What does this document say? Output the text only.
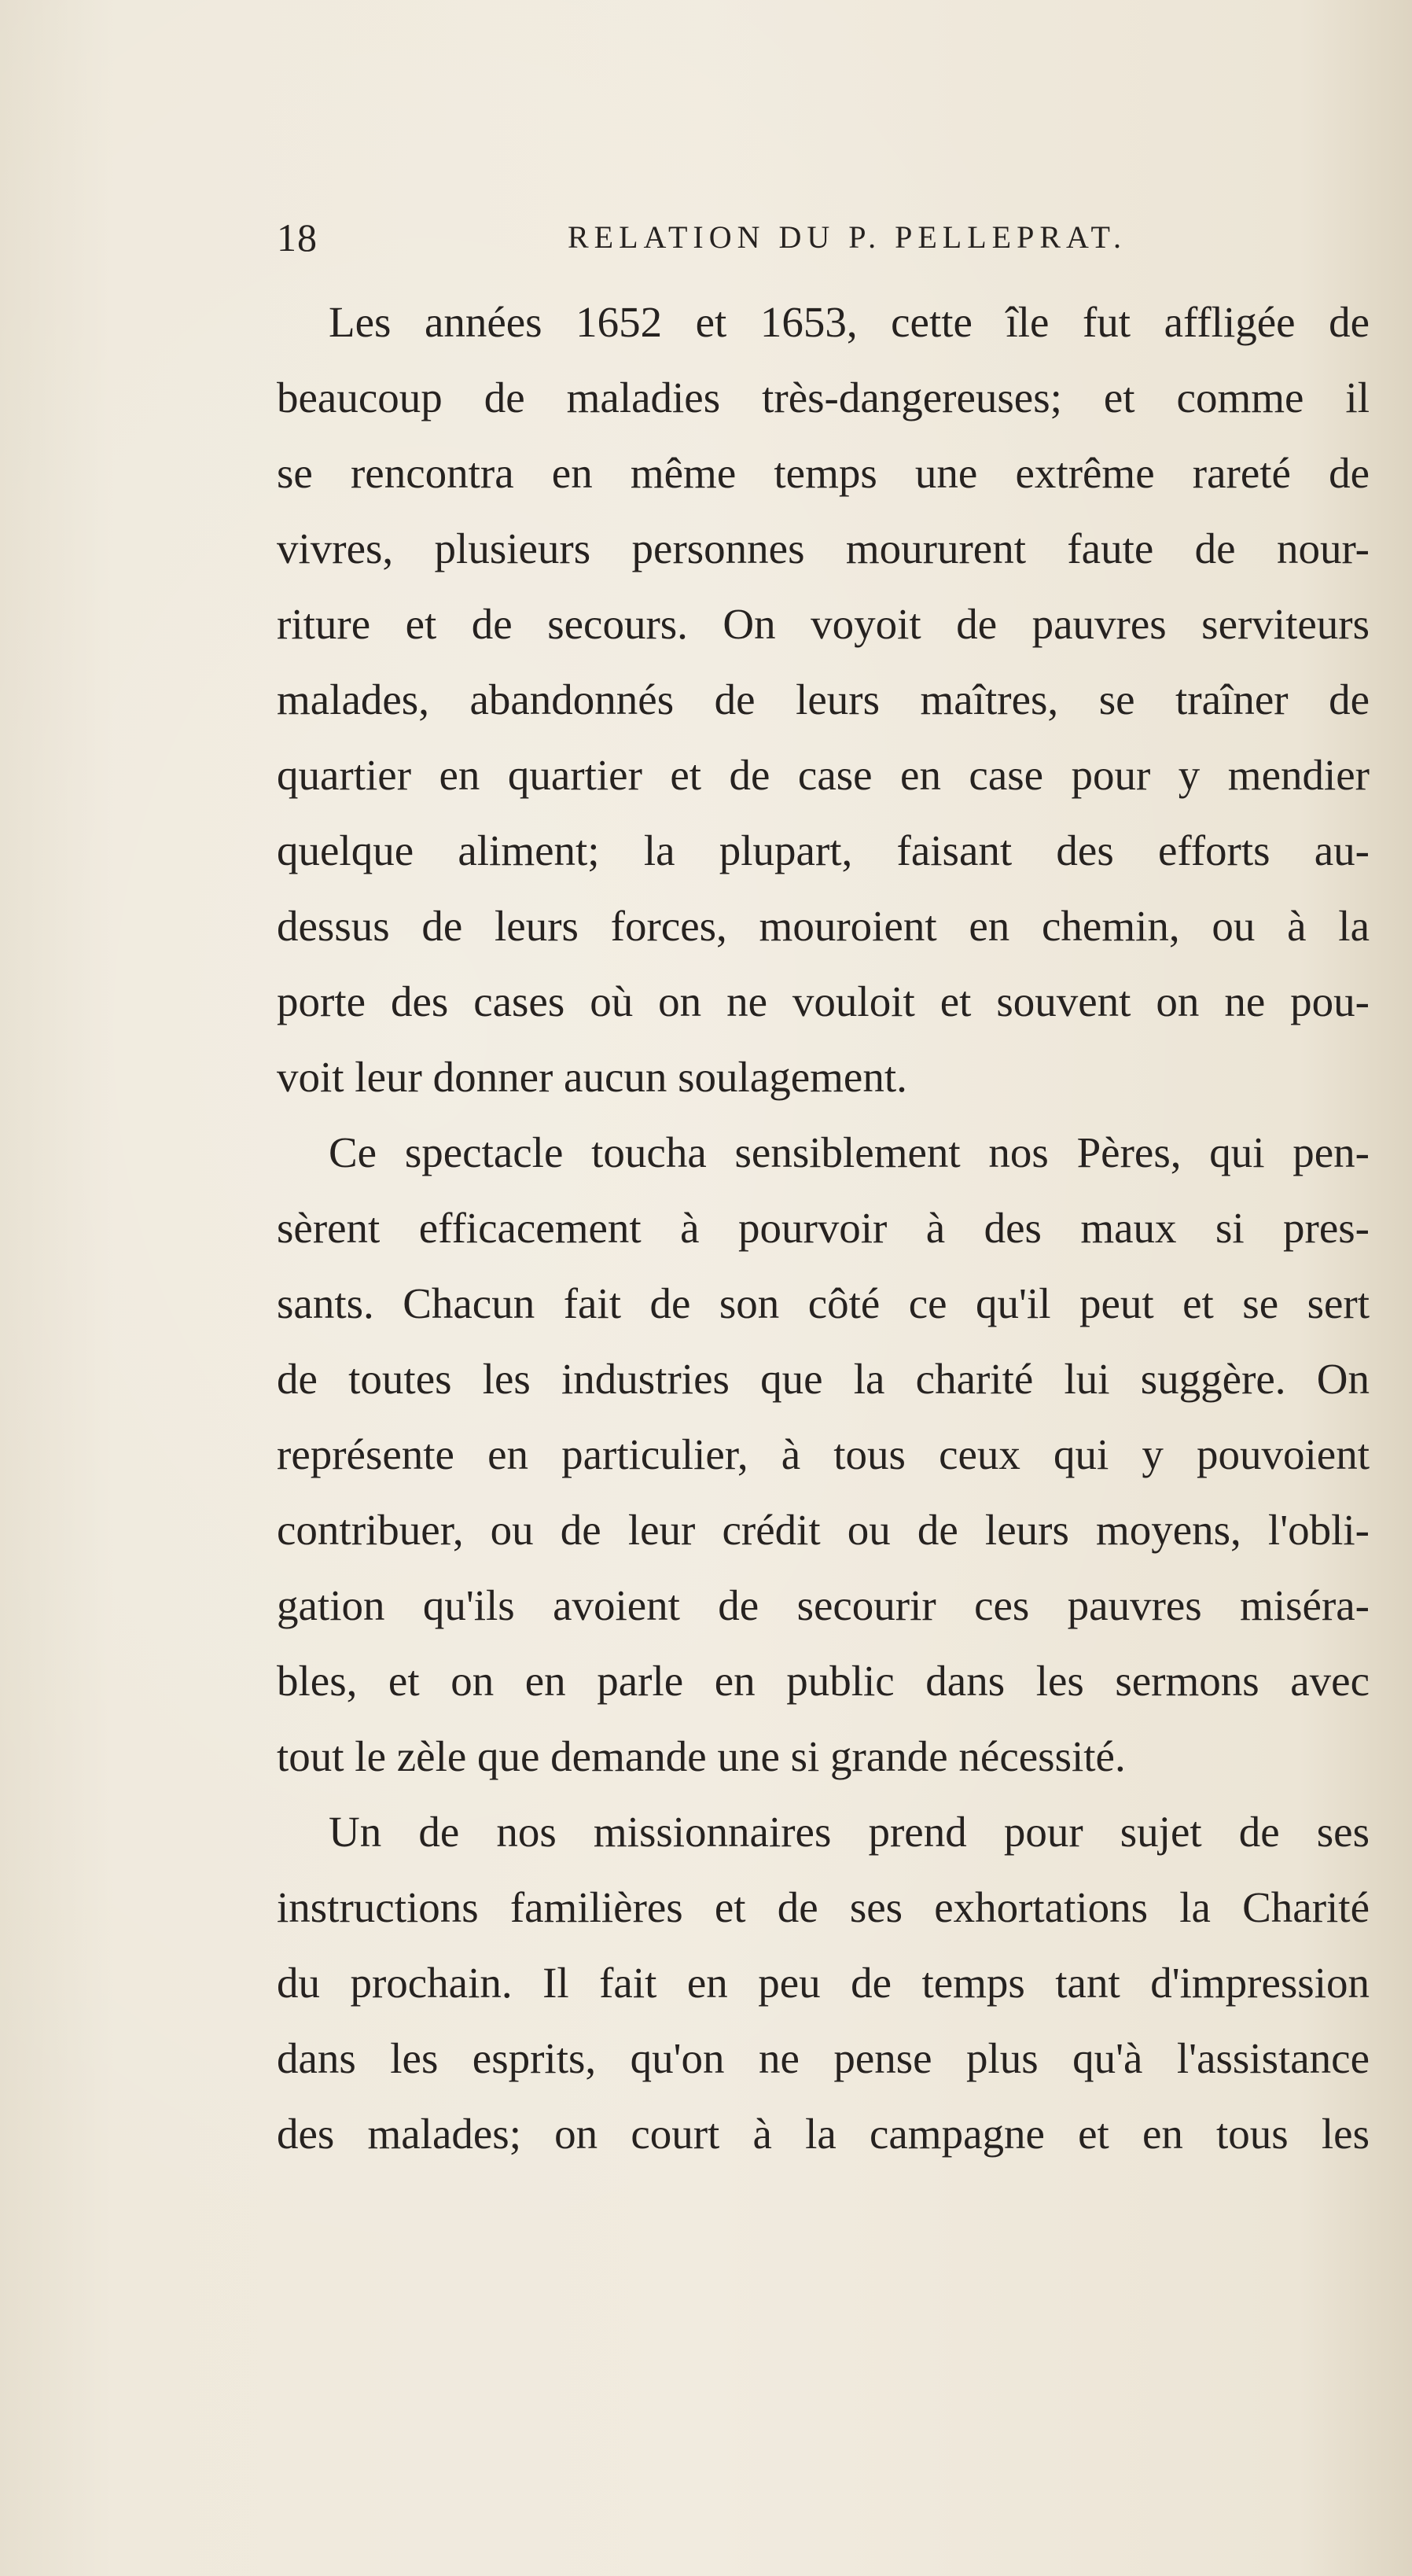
18	RELATION DU P. PELLEPRAT.

Les années 1652 et 1653, cette île fut affligée de
beaucoup de maladies très-dangereuses; et comme il
se rencontra en même temps une extrême rareté de
vivres, plusieurs personnes moururent faute de nour-
riture et de secours. On voyoit de pauvres serviteurs
malades, abandonnés de leurs maîtres, se traîner de
quartier en quartier et de case en case pour y mendier
quelque aliment; la plupart, faisant des efforts au-
dessus de leurs forces, mouroient en chemin, ou à la
porte des cases où on ne vouloit et souvent on ne pou-
voit leur donner aucun soulagement.

Ce spectacle toucha sensiblement nos Pères, qui pen-
sèrent efficacement à pourvoir à des maux si pres-
sants. Chacun fait de son côté ce qu'il peut et se sert
de toutes les industries que la charité lui suggère. On
représente en particulier, à tous ceux qui y pouvoient
contribuer, ou de leur crédit ou de leurs moyens, l'obli-
gation qu'ils avoient de secourir ces pauvres miséra-
bles, et on en parle en public dans les sermons avec
tout le zèle que demande une si grande nécessité.

Un de nos missionnaires prend pour sujet de ses
instructions familières et de ses exhortations la Charité
du prochain. Il fait en peu de temps tant d'impression
dans les esprits, qu'on ne pense plus qu'à l'assistance
des malades; on court à la campagne et en tous les
